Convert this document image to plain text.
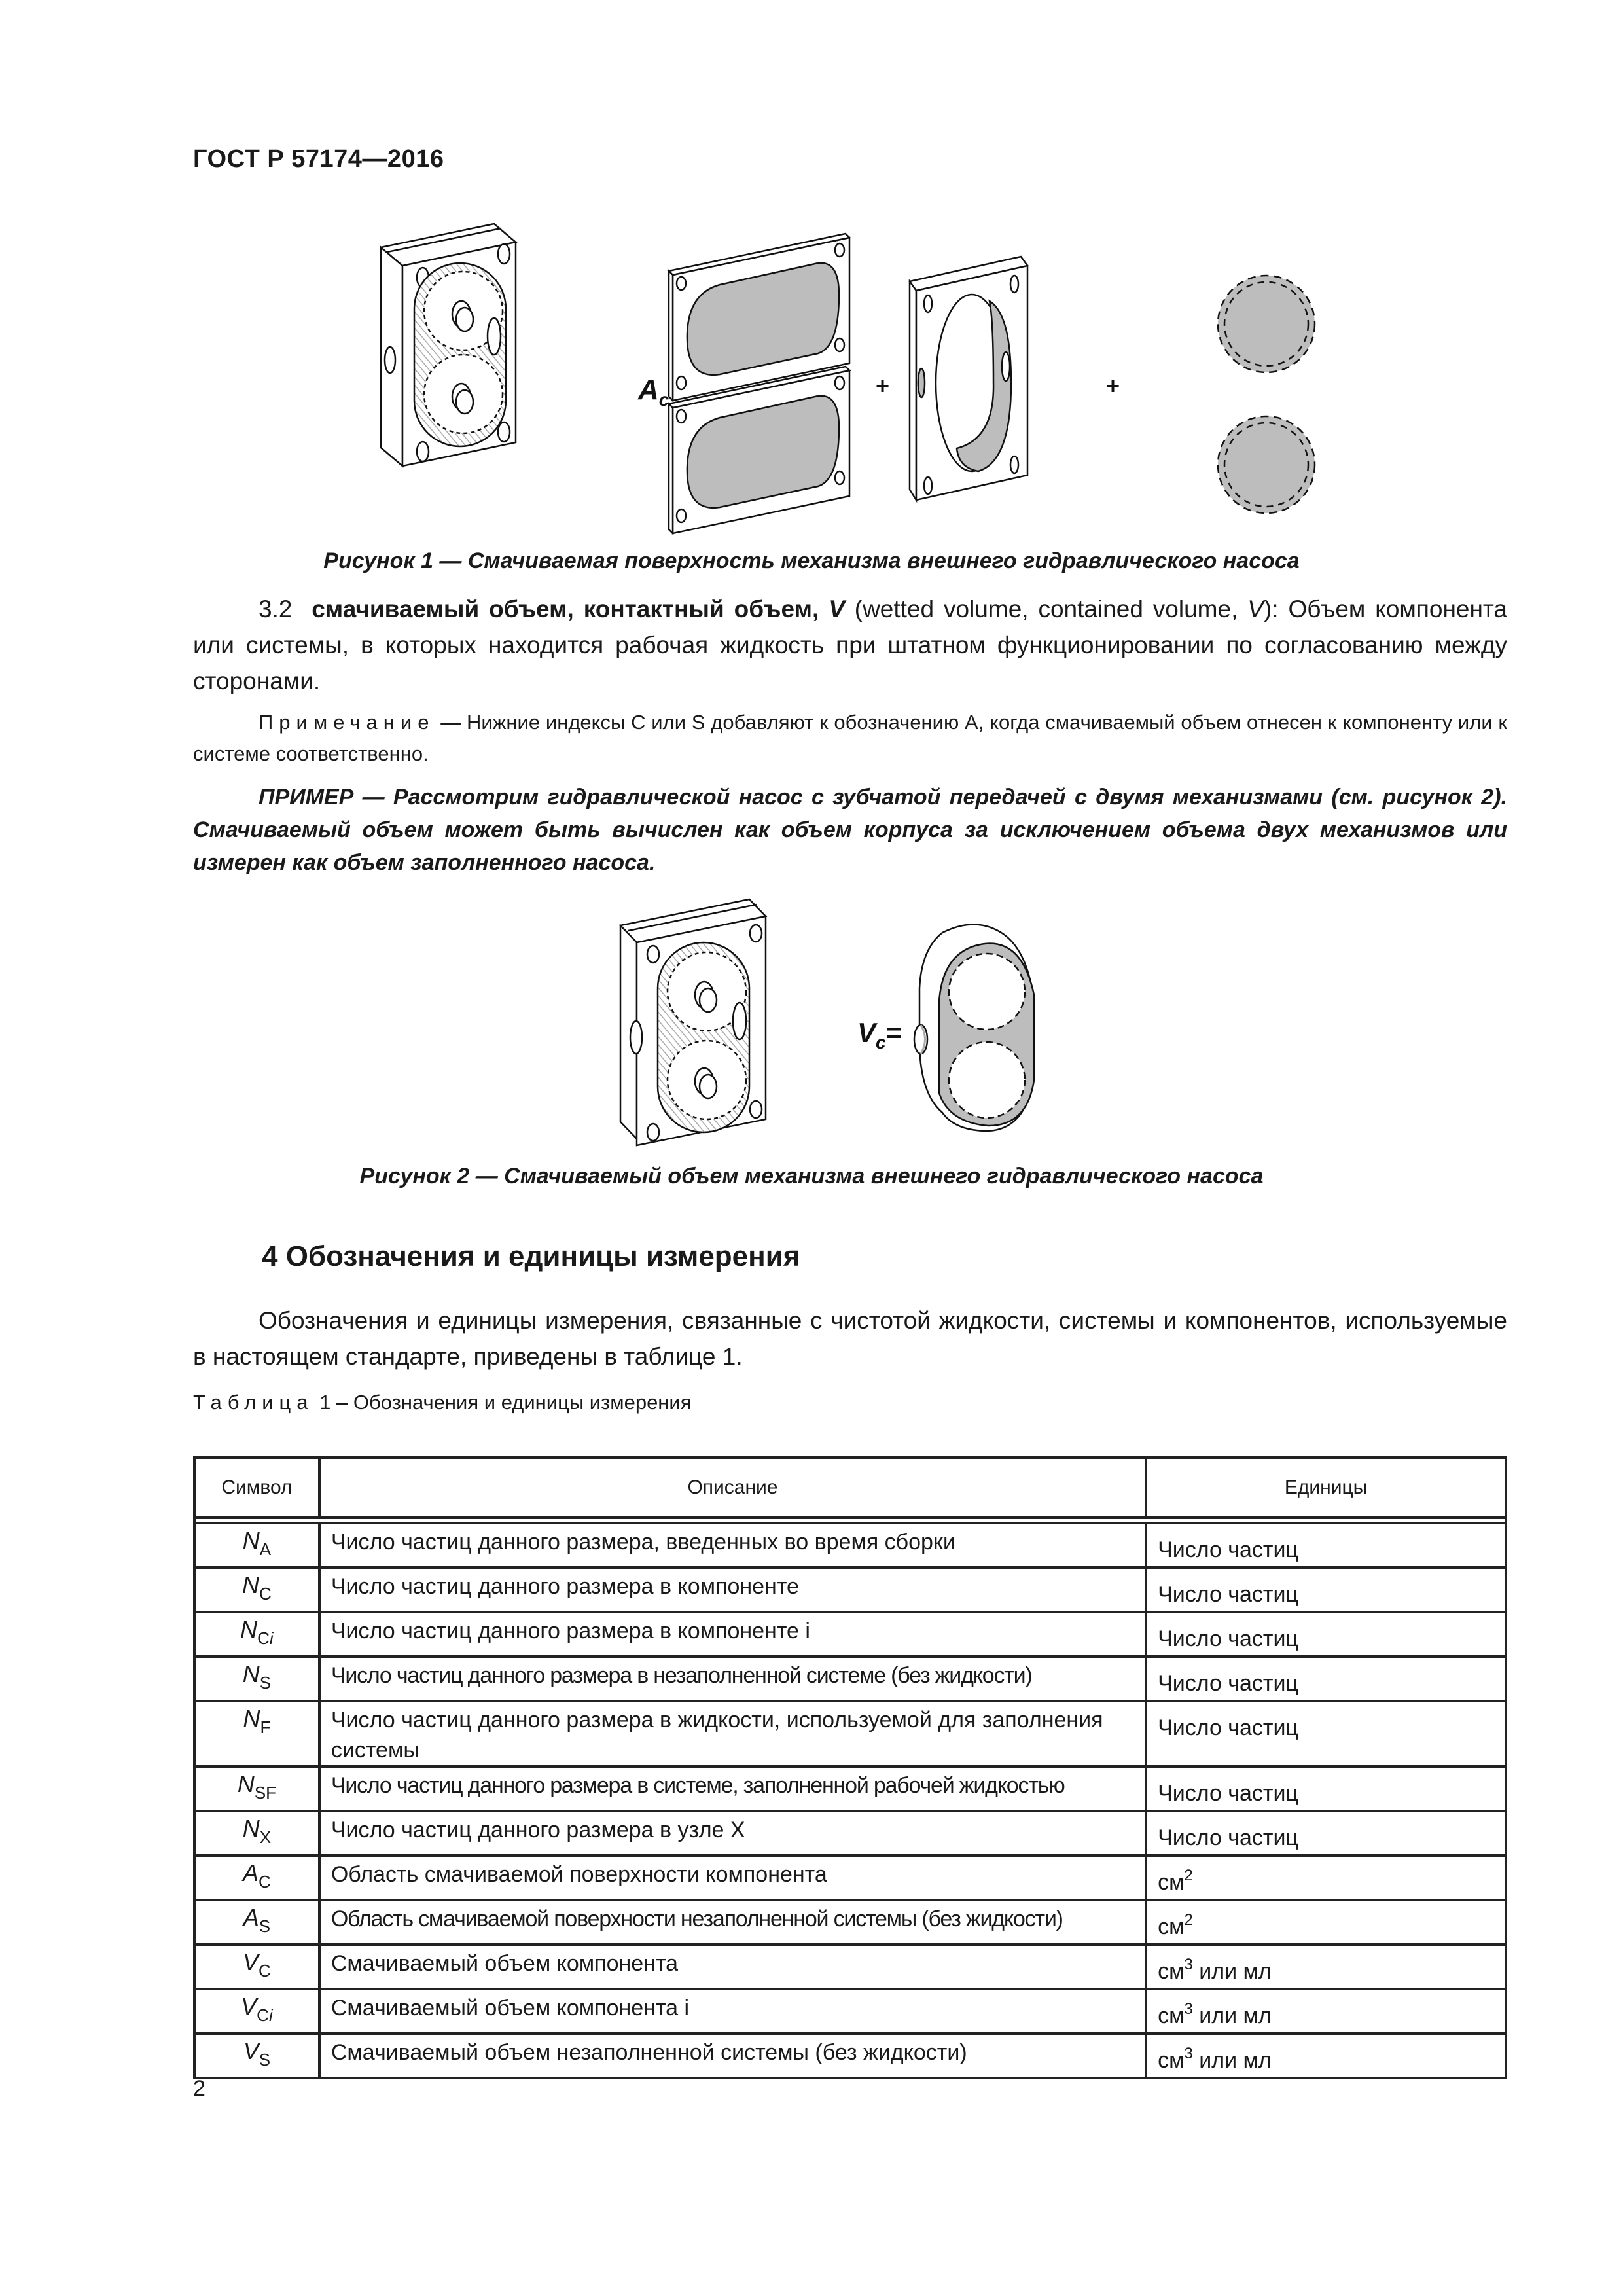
ГОСТ Р 57174—2016
$A_c$
+	+
Рисунок 1 — Смачиваемая поверхность механизма внешнего гидравлического насоса
3.2 смачиваемый объем, контактный объем, V (wetted volume, contained volume, V): Объем компонента или системы, в которых находится рабочая жидкость при штатном функционировании по согласованию между сторонами.
Примечание — Нижние индексы C или S добавляют к обозначению A, когда смачиваемый объем отнесен к компоненту или к системе соответственно.
ПРИМЕР — Рассмотрим гидравлической насос с зубчатой передачей с двумя механизмами (см. рисунок 2). Смачиваемый объем может быть вычислен как объем корпуса за исключением объема двух механизмов или измерен как объем заполненного насоса.
$V_c=$
Рисунок 2 — Смачиваемый объем механизма внешнего гидравлического насоса
4 Обозначения и единицы измерения
Обозначения и единицы измерения, связанные с чистотой жидкости, системы и компонентов, используемые в настоящем стандарте, приведены в таблице 1.
Таблица 1 – Обозначения и единицы измерения
Символ	Описание	Единицы

$N_A$	Число частиц данного размера, введенных во время сборки	Число частиц
$N_C$	Число частиц данного размера в компоненте	Число частиц
$N_{Ci}$	Число частиц данного размера в компоненте i	Число частиц
$N_S$	Число частиц данного размера в незаполненной системе (без жидкости)	Число частиц
$N_F$	Число частиц данного размера в жидкости, используемой для заполнения системы	Число частиц
$N_{SF}$	Число частиц данного размера в системе, заполненной рабочей жидкостью	Число частиц
$N_X$	Число частиц данного размера в узле X	Число частиц
$A_C$	Область смачиваемой поверхности компонента	$см^2$
$A_S$	Область смачиваемой поверхности незаполненной системы (без жидкости)	$см^2$
$V_C$	Смачиваемый объем компонента	$см^3$ или мл
$V_{Ci}$	Смачиваемый объем компонента i	$см^3$ или мл
$V_S$	Смачиваемый объем незаполненной системы (без жидкости)	$см^3$ или мл
2
